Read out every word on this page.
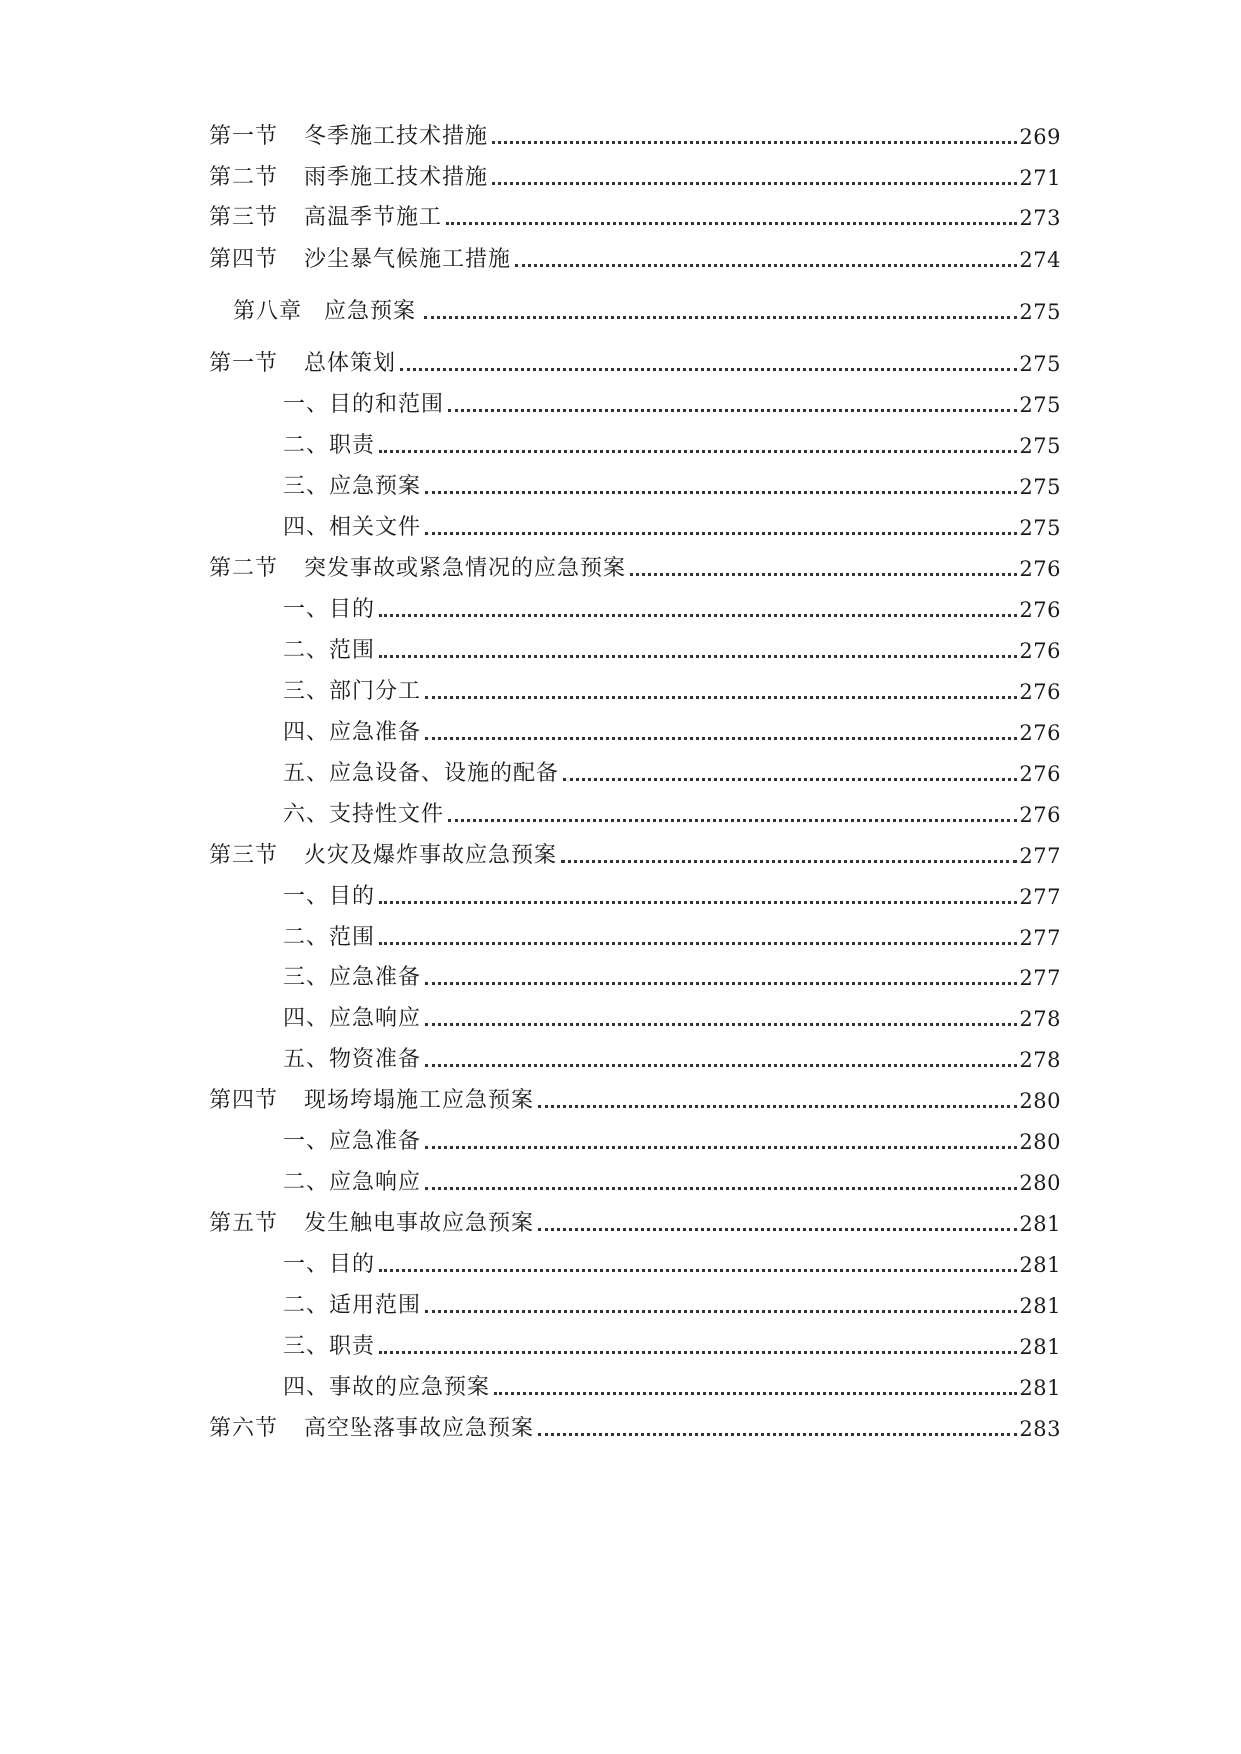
第一节 冬季施工技术措施	269
第二节 雨季施工技术措施	271
第三节 高温季节施工	273
第四节 沙尘暴气候施工措施	274
第八章 应急预案	275
第一节 总体策划	275
一、目的和范围	275
二、职责	275
三、应急预案	275
四、相关文件	275
第二节 突发事故或紧急情况的应急预案	276
一、目的	276
二、范围	276
三、部门分工	276
四、应急准备	276
五、应急设备、设施的配备	276
六、支持性文件	276
第三节 火灾及爆炸事故应急预案	277
一、目的	277
二、范围	277
三、应急准备	277
四、应急响应	278
五、物资准备	278
第四节 现场垮塌施工应急预案	280
一、应急准备	280
二、应急响应	280
第五节 发生触电事故应急预案	281
一、目的	281
二、适用范围	281
三、职责	281
四、事故的应急预案	281
第六节 高空坠落事故应急预案	283
